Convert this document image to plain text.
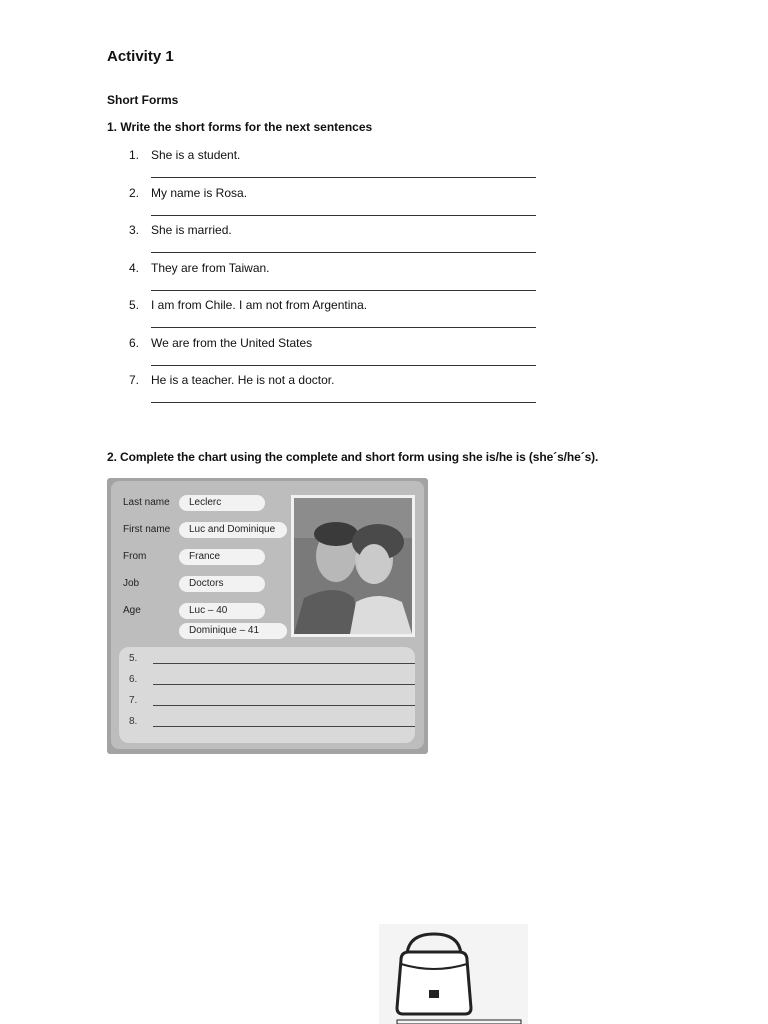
Activity 1
Short Forms
1. Write the short forms for the next sentences
1. She is a student.
2. My name is Rosa.
3. She is married.
4. They are from Taiwan.
5. I am from Chile. I am not from Argentina.
6. We are from the United States
7. He is a teacher. He is not a doctor.
2. Complete the chart using the complete and short form using she is/he is (she´s/he´s).
Last name	Leclerc
First name	Luc and Dominique
From	France
Job	Doctors
Age	Luc – 40
Dominique – 41
5.
6.
7.
8.
